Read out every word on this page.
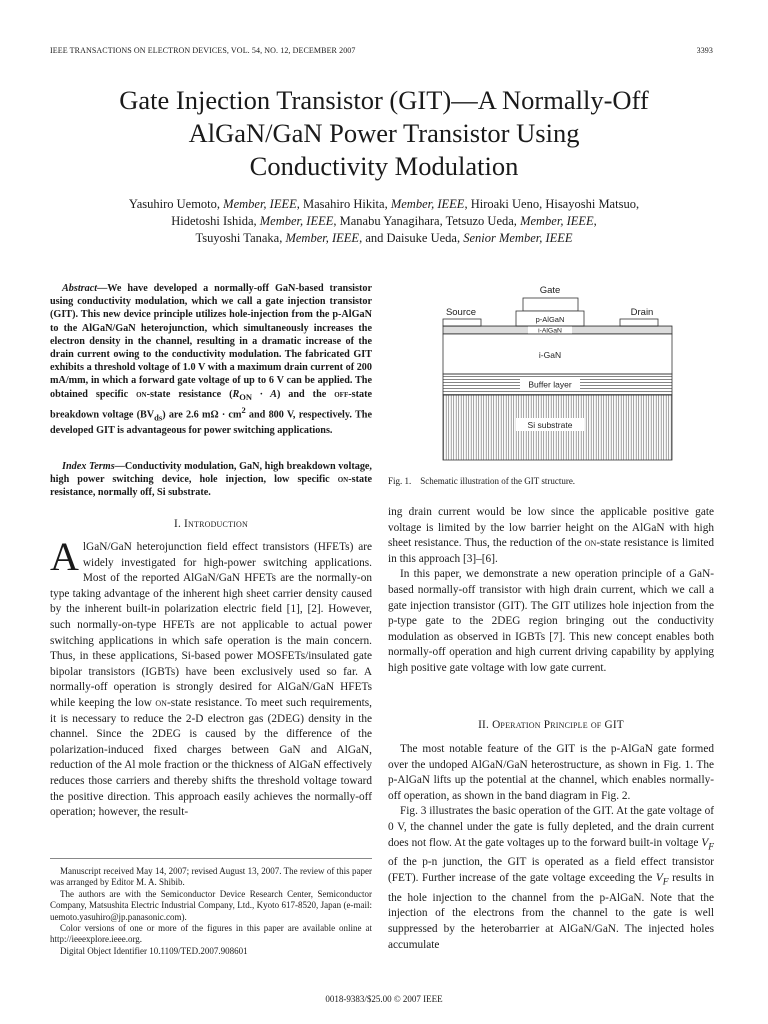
IEEE TRANSACTIONS ON ELECTRON DEVICES, VOL. 54, NO. 12, DECEMBER 2007	3393
Gate Injection Transistor (GIT)—A Normally-Off
AlGaN/GaN Power Transistor Using
Conductivity Modulation
Yasuhiro Uemoto, Member, IEEE, Masahiro Hikita, Member, IEEE, Hiroaki Ueno, Hisayoshi Matsuo,
Hidetoshi Ishida, Member, IEEE, Manabu Yanagihara, Tetsuzo Ueda, Member, IEEE,
Tsuyoshi Tanaka, Member, IEEE, and Daisuke Ueda, Senior Member, IEEE

Abstract—We have developed a normally-off GaN-based transistor using conductivity modulation, which we call a gate injection transistor (GIT). This new device principle utilizes hole-injection from the p-AlGaN to the AlGaN/GaN heterojunction, which simultaneously increases the electron density in the channel, resulting in a dramatic increase of the drain current owing to the conductivity modulation. The fabricated GIT exhibits a threshold voltage of 1.0 V with a maximum drain current of 200 mA/mm, in which a forward gate voltage of up to 6 V can be applied. The obtained specific on-state resistance $(R_{ON} \cdot A)$ and the off-state breakdown voltage $(BV_{ds})$ are 2.6 $m\Omega \cdot cm^2$ and 800 V, respectively. The developed GIT is advantageous for power switching applications.

Index Terms—Conductivity modulation, GaN, high breakdown voltage, high power switching device, hole injection, low specific on-state resistance, normally off, Si substrate.

I. Introduction

AlGaN/GaN heterojunction field effect transistors (HFETs) are widely investigated for high-power switching applications. Most of the reported AlGaN/GaN HFETs are the normally-on type taking advantage of the inherent high sheet carrier density caused by the inherent built-in polarization electric field [1], [2]. However, such normally-on-type HFETs are not applicable to actual power switching applications in which safe operation is the main concern. Thus, in these applications, Si-based power MOSFETs/insulated gate bipolar transistors (IGBTs) have been exclusively used so far. A normally-off operation is strongly desired for AlGaN/GaN HFETs while keeping the low on-state resistance. To meet such requirements, it is necessary to reduce the 2-D electron gas (2DEG) density in the channel. Since the 2DEG is caused by the difference of the polarization-induced fixed charges between GaN and AlGaN, reduction of the Al mole fraction or the thickness of AlGaN effectively reduces those carriers and thereby shifts the threshold voltage toward the positive direction. This approach easily achieves the normally-off operation; however, the result-

Manuscript received May 14, 2007; revised August 13, 2007. The review of this paper was arranged by Editor M. A. Shibib.

The authors are with the Semiconductor Device Research Center, Semiconductor Company, Matsushita Electric Industrial Company, Ltd., Kyoto 617-8520, Japan (e-mail: uemoto.yasuhiro@jp.panasonic.com).

Color versions of one or more of the figures in this paper are available online at http://ieeexplore.ieee.org.

Digital Object Identifier 10.1109/TED.2007.908601

Gate
Source	Drain
p-AlGaN
i-AlGaN
i-GaN
Buffer layer
Si substrate
Fig. 1. Schematic illustration of the GIT structure.

ing drain current would be low since the applicable positive gate voltage is limited by the low barrier height on the AlGaN with high sheet resistance. Thus, the reduction of the on-state resistance is limited in this approach [3]–[6].

In this paper, we demonstrate a new operation principle of a GaN-based normally-off transistor with high drain current, which we call a gate injection transistor (GIT). The GIT utilizes hole injection from the p-type gate to the 2DEG region bringing out the conductivity modulation as observed in IGBTs [7]. This new concept enables both normally-off operation and high current driving capability by applying high positive gate voltage with low gate current.

II. Operation Principle of GIT

The most notable feature of the GIT is the p-AlGaN gate formed over the undoped AlGaN/GaN heterostructure, as shown in Fig. 1. The p-AlGaN lifts up the potential at the channel, which enables normally-off operation, as shown in the band diagram in Fig. 2.

Fig. 3 illustrates the basic operation of the GIT. At the gate voltage of 0 V, the channel under the gate is fully depleted, and the drain current does not flow. At the gate voltages up to the forward built-in voltage $V_F$ of the p-n junction, the GIT is operated as a field effect transistor (FET). Further increase of the gate voltage exceeding the $V_F$ results in the hole injection to the channel from the p-AlGaN. Note that the injection of the electrons from the channel to the gate is well suppressed by the heterobarrier at AlGaN/GaN. The injected holes accumulate

0018-9383/$25.00 © 2007 IEEE
